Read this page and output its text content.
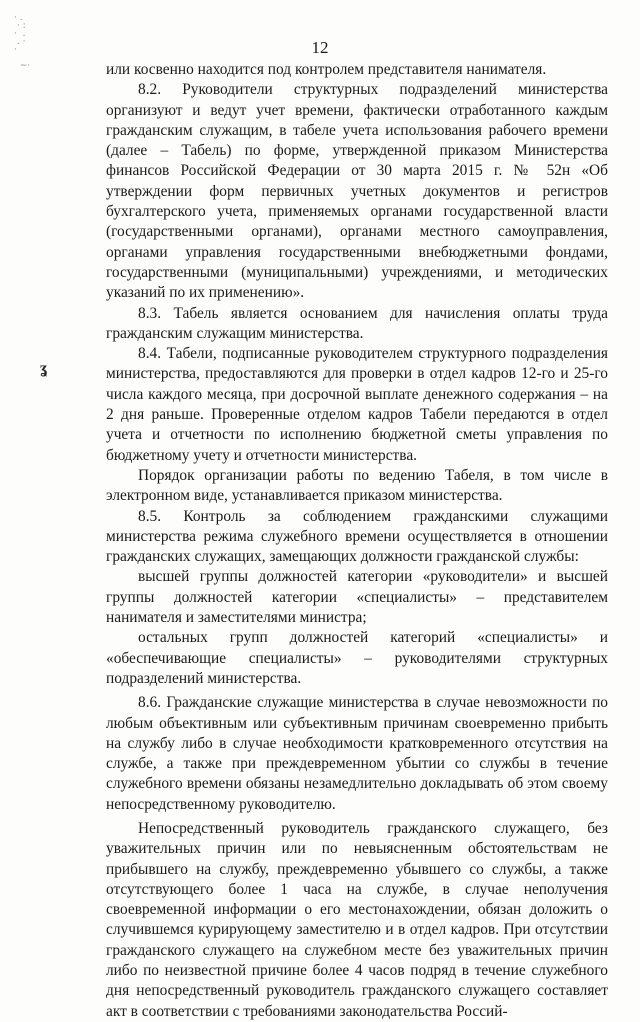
· .
· :
·  .
. ·
·

~·
12
ʓ

или косвенно находится под контролем представителя нанимателя.

8.2. Руководители структурных подразделений министерства организуют и ведут учет времени, фактически отработанного каждым гражданским служащим, в табеле учета использования рабочего времени (далее – Табель) по форме, утвержденной приказом Министерства финансов Российской Федерации от 30 марта 2015 г. № 52н «Об утверждении форм первичных учетных документов и регистров бухгалтерского учета, применяемых органами государственной власти (государственными органами), органами местного самоуправления, органами управления государственными внебюджетными фондами, государственными (муниципальными) учреждениями, и методических указаний по их применению».

8.3. Табель является основанием для начисления оплаты труда гражданским служащим министерства.

8.4. Табели, подписанные руководителем структурного подразделения министерства, предоставляются для проверки в отдел кадров 12-го и 25-го числа каждого месяца, при досрочной выплате денежного содержания – на 2 дня раньше. Проверенные отделом кадров Табели передаются в отдел учета и отчетности по исполнению бюджетной сметы управления по бюджетному учету и отчетности министерства.

Порядок организации работы по ведению Табеля, в том числе в электронном виде, устанавливается приказом министерства.

8.5. Контроль за соблюдением гражданскими служащими министерства режима служебного времени осуществляется в отношении гражданских служащих, замещающих должности гражданской службы:

высшей группы должностей категории «руководители» и высшей группы должностей категории «специалисты» – представителем нанимателя и заместителями министра;

остальных групп должностей категорий «специалисты» и «обеспечивающие специалисты» – руководителями структурных подразделений министерства.

8.6. Гражданские служащие министерства в случае невозможности по любым объективным или субъективным причинам своевременно прибыть на службу либо в случае необходимости кратковременного отсутствия на службе, а также при преждевременном убытии со службы в течение служебного времени обязаны незамедлительно докладывать об этом своему непосредственному руководителю.

Непосредственный руководитель гражданского служащего, без уважительных причин или по невыясненным обстоятельствам не прибывшего на службу, преждевременно убывшего со службы, а также отсутствующего более 1 часа на службе, в случае неполучения своевременной информации о его местонахождении, обязан доложить о случившемся курирующему заместителю и в отдел кадров. При отсутствии гражданского служащего на служебном месте без уважительных причин либо по неизвестной причине более 4 часов подряд в течение служебного дня непосредственный руководитель гражданского служащего составляет акт в соответствии с требованиями законодательства Россий-
